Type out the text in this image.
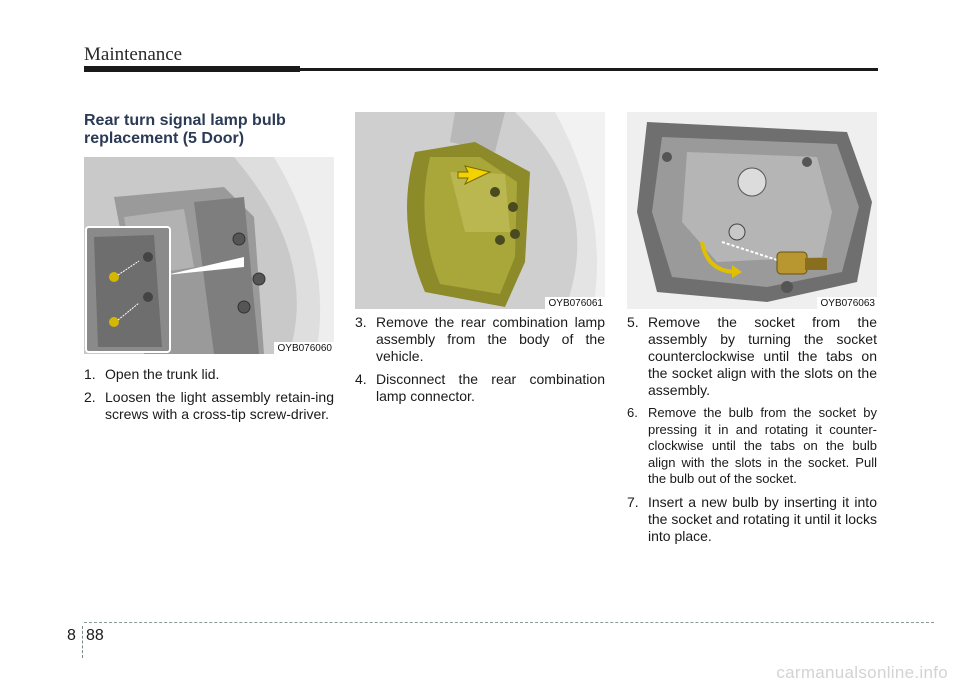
Maintenance
Rear turn signal lamp bulb
replacement (5 Door)
OYB076060
1. Open the trunk lid.
2. Loosen the light assembly retain-ing screws with a cross-tip screw-driver.
OYB076061
3. Remove the rear combination lamp assembly from the body of the vehicle.
4. Disconnect the rear combination lamp connector.
OYB076063
5. Remove the socket from the assembly by turning the socket counterclockwise until the tabs on the socket align with the slots on the assembly.
6. Remove the bulb from the socket by pressing it in and rotating it counter-clockwise until the tabs on the bulb align with the slots in the socket. Pull the bulb out of the socket.
7. Insert a new bulb by inserting it into the socket and rotating it until it locks into place.
8 88
carmanualsonline.info
